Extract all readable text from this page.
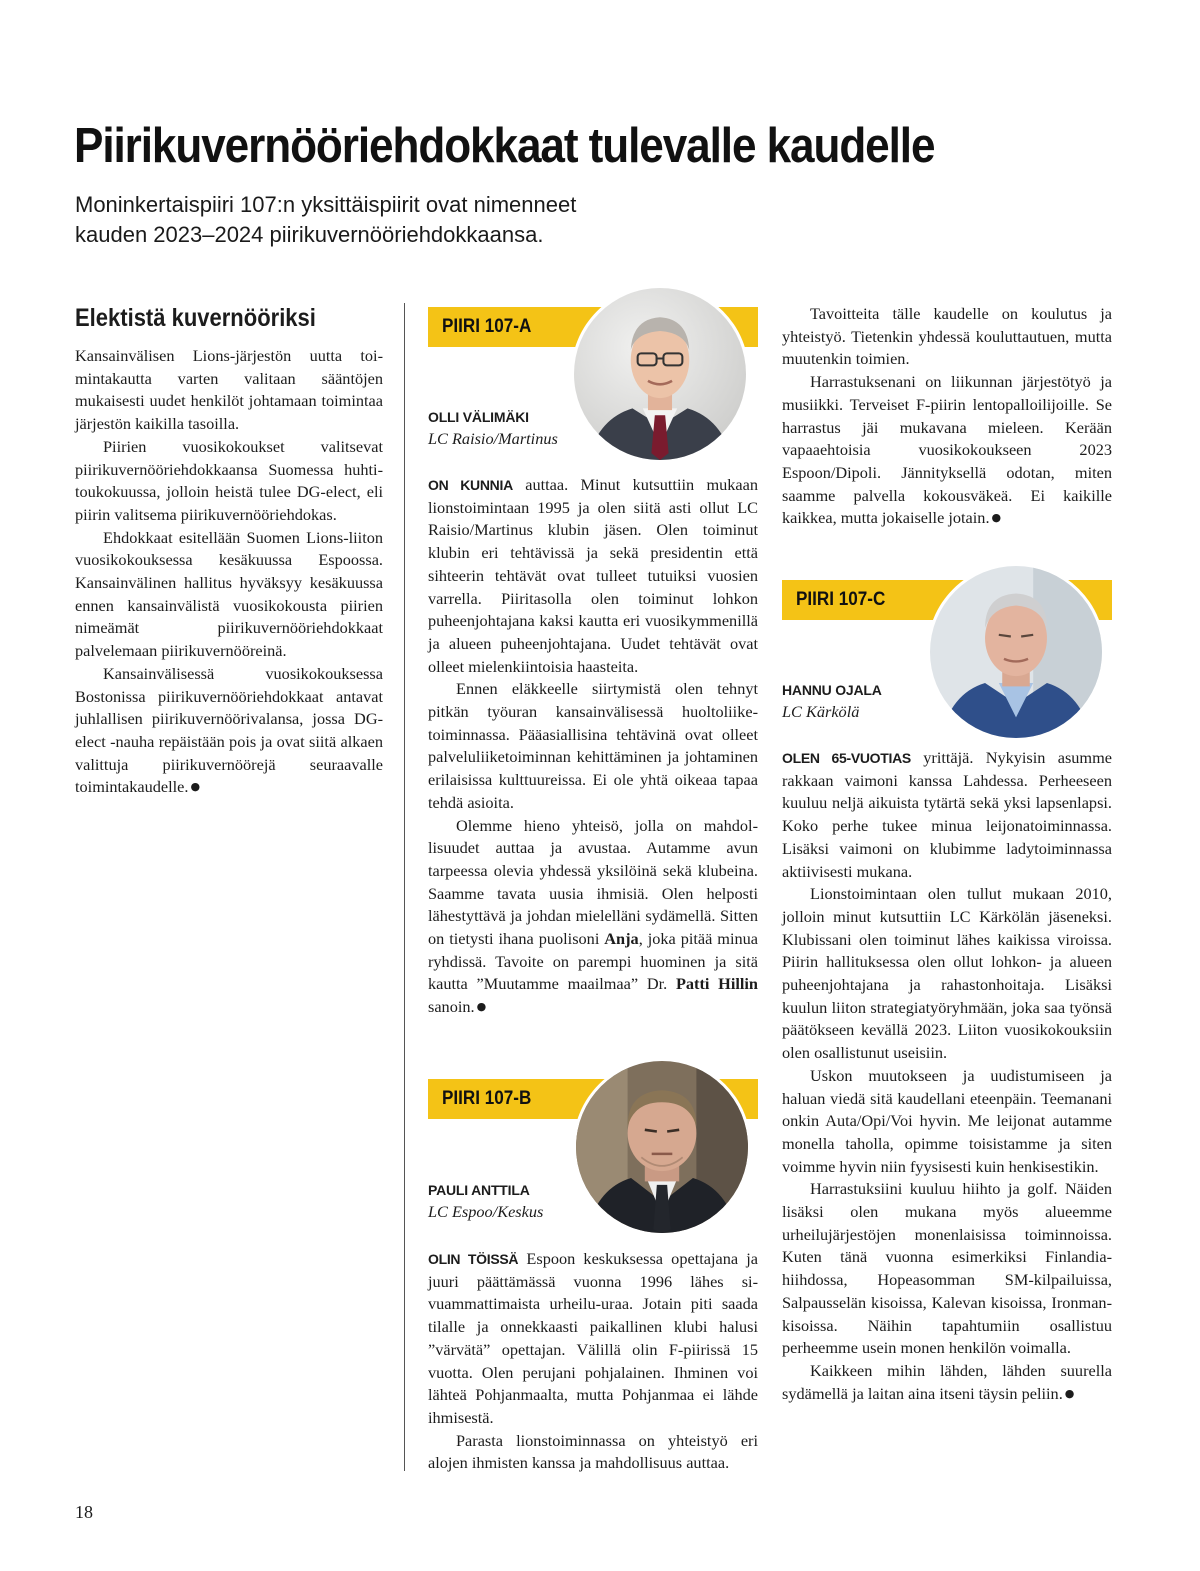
Piirikuvernööriehdokkaat tulevalle kaudelle
Moninkertaispiiri 107:n yksittäispiirit ovat nimenneet
kauden 2023–2024 piirikuvernööriehdokkaansa.
Elektistä kuvernööriksi

Kansainvälisen Lions-järjestön uutta toimintakautta varten valitaan sääntöjen mukaisesti uudet henkilöt johtamaan toimintaa järjestön kaikilla tasoilla.

Piirien vuosikokoukset valitsevat piirikuvernööriehdokkaansa Suomessa huhti-toukokuussa, jolloin heistä tulee DG-elect, eli piirin valitsema piirikuvernööriehdokas.

Ehdokkaat esitellään Suomen Lions-liiton vuosikokouksessa kesäkuussa Espoossa. Kansainvälinen hallitus hyväksyy kesäkuussa ennen kansainvälistä vuosikokousta piirien nimeämät piirikuvernööriehdokkaat palvelemaan piirikuvernööreinä.

Kansainvälisessä vuosikokouksessa Bostonissa piirikuvernööriehdokkaat antavat juhlallisen piirikuvernöörivalansa, jossa DG-elect -nauha repäistään pois ja ovat siitä alkaen valittuja piirikuvernöörejä seuraavalle toimintakaudelle. ●

PIIRI 107-A
OLLI VÄLIMÄKI
LC Raisio/Martinus

ON KUNNIA auttaa. Minut kutsuttiin mukaan lionstoimintaan 1995 ja olen siitä asti ollut LC Raisio/Martinus klubin jäsen. Olen toiminut klubin eri tehtävissä ja sekä presidentin että sihteerin tehtävät ovat tulleet tutuiksi vuosien varrella. Piiritasolla olen toiminut lohkon puheenjohtajana kaksi kautta eri vuosikymmenillä ja alueen puheenjohtajana. Uudet tehtävät ovat olleet mielenkiintoisia haasteita.

Ennen eläkkeelle siirtymistä olen tehnyt pitkän työuran kansainvälisessä huoltoliiketoiminnassa. Pääasiallisina tehtävinä ovat olleet palveluliiketoiminnan kehittäminen ja johtaminen erilaisissa kulttuureissa. Ei ole yhtä oikeaa tapaa tehdä asioita.

Olemme hieno yhteisö, jolla on mahdollisuudet auttaa ja avustaa. Autamme avun tarpeessa olevia yhdessä yksilöinä sekä klubeina. Saamme tavata uusia ihmisiä. Olen helposti lähestyttävä ja johdan mielelläni sydämellä. Sitten on tietysti ihana puolisoni Anja, joka pitää minua ryhdissä. Tavoite on parempi huominen ja sitä kautta ”Muutamme maailmaa” Dr. Patti Hillin sanoin. ●

Tavoitteita tälle kaudelle on koulutus ja yhteistyö. Tietenkin yhdessä kouluttautuen, mutta muutenkin toimien.

Harrastuksenani on liikunnan järjestötyö ja musiikki. Terveiset F-piirin lentopalloilijoille. Se harrastus jäi mukavana mieleen. Kerään vapaaehtoisia vuosikokoukseen 2023 Espoon/Dipoli. Jännityksellä odotan, miten saamme palvella kokousväkeä. Ei kaikille kaikkea, mutta jokaiselle jotain. ●

PIIRI 107-B
PAULI ANTTILA
LC Espoo/Keskus

OLIN TÖISSÄ Espoon keskuksessa opettajana ja juuri päättämässä vuonna 1996 lähes sivuammattimaista urheilu-uraa. Jotain piti saada tilalle ja onnekkaasti paikallinen klubi halusi ”värvätä” opettajan. Välillä olin F-piirissä 15 vuotta. Olen perujani pohjalainen. Ihminen voi lähteä Pohjanmaalta, mutta Pohjanmaa ei lähde ihmisestä.

Parasta lionstoiminnassa on yhteistyö eri alojen ihmisten kanssa ja mahdollisuus auttaa.

PIIRI 107-C
HANNU OJALA
LC Kärkölä

OLEN 65-VUOTIAS yrittäjä. Nykyisin asumme rakkaan vaimoni kanssa Lahdessa. Perheeseen kuuluu neljä aikuista tytärtä sekä yksi lapsenlapsi. Koko perhe tukee minua leijonatoiminnassa. Lisäksi vaimoni on klubimme ladytoiminnassa aktiivisesti mukana.

Lionstoimintaan olen tullut mukaan 2010, jolloin minut kutsuttiin LC Kärkölän jäseneksi. Klubissani olen toiminut lähes kaikissa viroissa. Piirin hallituksessa olen ollut lohkon- ja alueen puheenjohtajana ja rahastonhoitaja. Lisäksi kuulun liiton strategiatyöryhmään, joka saa työnsä päätökseen kevällä 2023. Liiton vuosikokouksiin olen osallistunut useisiin.

Uskon muutokseen ja uudistumiseen ja haluan viedä sitä kaudellani eteenpäin. Teemanani onkin Auta/Opi/Voi hyvin. Me leijonat autamme monella taholla, opimme toisistamme ja siten voimme hyvin niin fyysisesti kuin henkisestikin.

Harrastuksiini kuuluu hiihto ja golf. Näiden lisäksi olen mukana myös alueemme urheilujärjestöjen monenlaisissa toiminnoissa. Kuten tänä vuonna esimerkiksi Finlandia-hiihdossa, Hopeasomman SM-kilpailuissa, Salpausselän kisoissa, Kalevan kisoissa, Ironman-kisoissa. Näihin tapahtumiin osallistuu perheemme usein monen henkilön voimalla.

Kaikkeen mihin lähden, lähden suurella sydämellä ja laitan aina itseni täysin peliin. ●

18
